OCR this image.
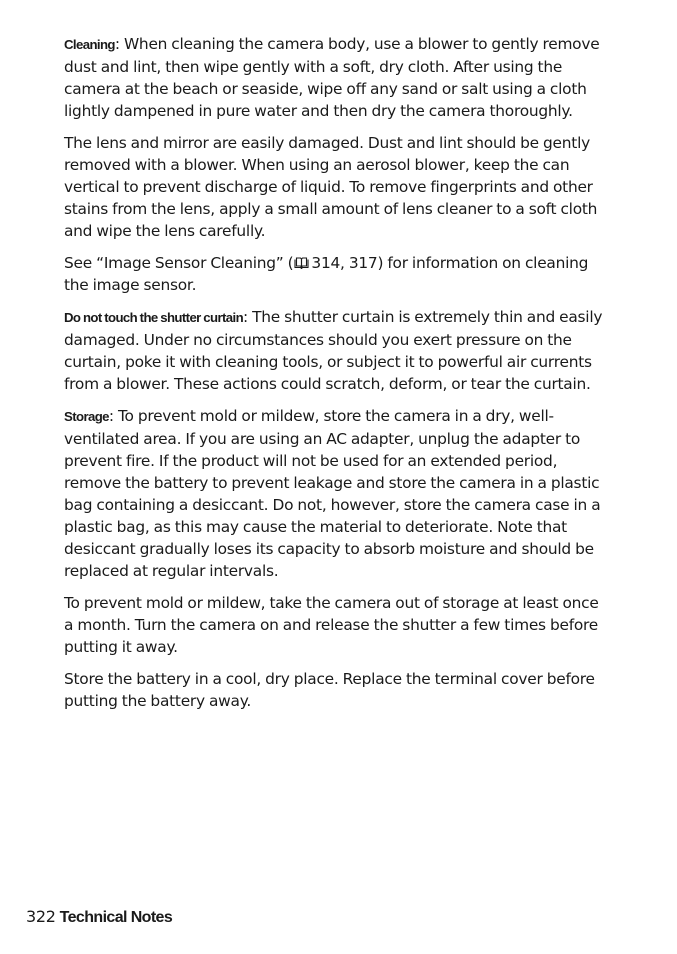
Cleaning: When cleaning the camera body, use a blower to gently remove dust and lint, then wipe gently with a soft, dry cloth. After using the camera at the beach or seaside, wipe off any sand or salt using a cloth lightly dampened in pure water and then dry the camera thoroughly.

The lens and mirror are easily damaged. Dust and lint should be gently removed with a blower. When using an aerosol blower, keep the can vertical to prevent discharge of liquid. To remove fingerprints and other stains from the lens, apply a small amount of lens cleaner to a soft cloth and wipe the lens carefully.

See “Image Sensor Cleaning” ( 314, 317) for information on cleaning the image sensor.

Do not touch the shutter curtain: The shutter curtain is extremely thin and easily damaged. Under no circumstances should you exert pressure on the curtain, poke it with cleaning tools, or subject it to powerful air currents from a blower. These actions could scratch, deform, or tear the curtain.

Storage: To prevent mold or mildew, store the camera in a dry, well-ventilated area. If you are using an AC adapter, unplug the adapter to prevent fire. If the product will not be used for an extended period, remove the battery to prevent leakage and store the camera in a plastic bag containing a desiccant. Do not, however, store the camera case in a plastic bag, as this may cause the material to deteriorate. Note that desiccant gradually loses its capacity to absorb moisture and should be replaced at regular intervals.

To prevent mold or mildew, take the camera out of storage at least once a month. Turn the camera on and release the shutter a few times before putting it away.

Store the battery in a cool, dry place. Replace the terminal cover before putting the battery away.

322 Technical Notes
